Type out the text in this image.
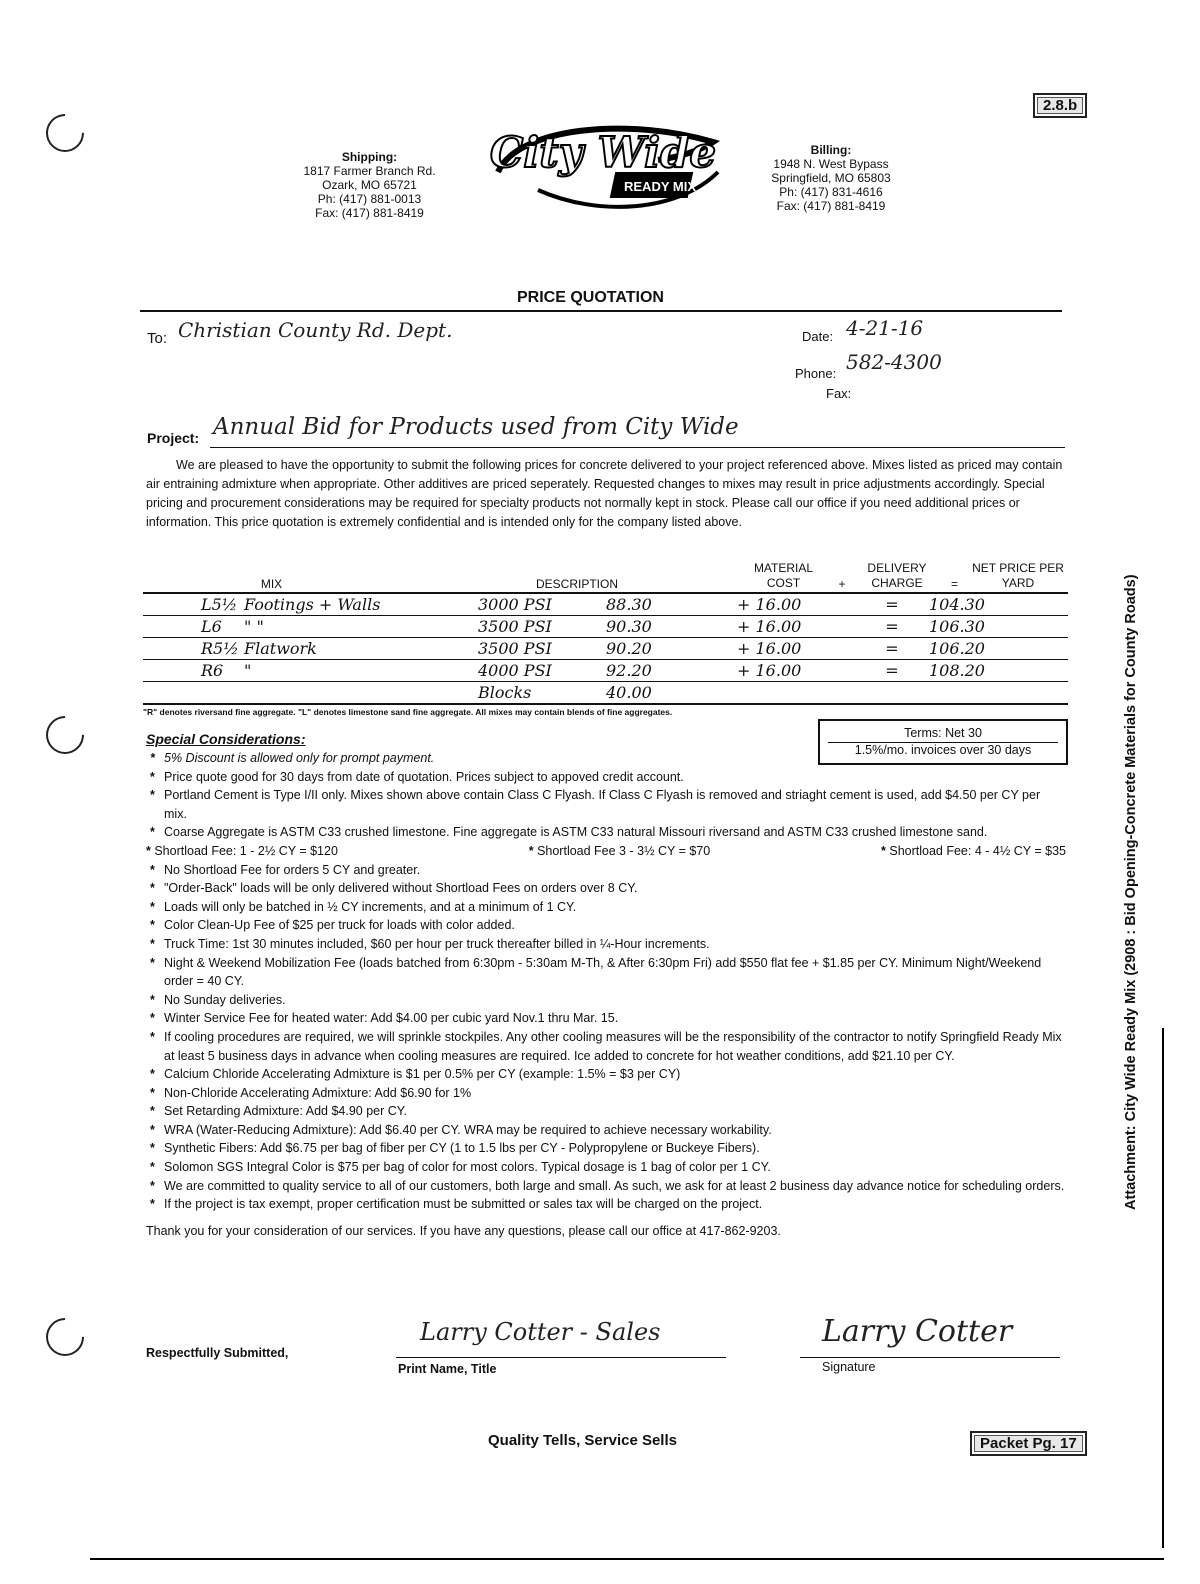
2.8.b
Packet Pg. 17
Shipping:
1817 Farmer Branch Rd.
Ozark, MO 65721
Ph: (417) 881-0013
Fax: (417) 881-8419
City Wide
READY MIX
Billing:
1948 N. West Bypass
Springfield, MO 65803
Ph: (417) 831-4616
Fax: (417) 881-8419
PRICE QUOTATION
To: Christian County Rd. Dept.	Date: 4-21-16
Phone: 582-4300
Fax:
Project: Annual Bid for Products used from City Wide
We are pleased to have the opportunity to submit the following prices for concrete delivered to your project referenced above. Mixes listed as priced may contain air entraining admixture when appropriate. Other additives are priced seperately. Requested changes to mixes may result in price adjustments accordingly. Special pricing and procurement considerations may be required for specialty products not normally kept in stock. Please call our office if you need additional prices or information. This price quotation is extremely confidential and is intended only for the company listed above.
MIX		DESCRIPTION	MATERIAL COST	+	DELIVERY CHARGE	=	NET PRICE PER YARD
L5½	Footings + Walls	3000 PSI	88.30	+ 16.00	=	104.30
L6	" "	3500 PSI	90.30	+ 16.00	=	106.30
R5½	Flatwork	3500 PSI	90.20	+ 16.00	=	106.20
R6	"	4000 PSI	92.20	+ 16.00	=	108.20
		Blocks	40.00			
"R" denotes riversand fine aggregate. "L" denotes limestone sand fine aggregate. All mixes may contain blends of fine aggregates.
Special Considerations:	Terms: Net 30
1.5%/mo. invoices over 30 days
* 5% Discount is allowed only for prompt payment.
* Price quote good for 30 days from date of quotation. Prices subject to appoved credit account.
* Portland Cement is Type I/II only. Mixes shown above contain Class C Flyash. If Class C Flyash is removed and striaght cement is used, add $4.50 per CY per mix.
* Coarse Aggregate is ASTM C33 crushed limestone. Fine aggregate is ASTM C33 natural Missouri riversand and ASTM C33 crushed limestone sand.
* Shortload Fee: 1 - 2½ CY = $120	* Shortload Fee 3 - 3½ CY = $70	* Shortload Fee: 4 - 4½ CY = $35
* No Shortload Fee for orders 5 CY and greater.
* "Order-Back" loads will be only delivered without Shortload Fees on orders over 8 CY.
* Loads will only be batched in ½ CY increments, and at a minimum of 1 CY.
* Color Clean-Up Fee of $25 per truck for loads with color added.
* Truck Time: 1st 30 minutes included, $60 per hour per truck thereafter billed in ¼-Hour increments.
* Night & Weekend Mobilization Fee (loads batched from 6:30pm - 5:30am M-Th, & After 6:30pm Fri) add $550 flat fee + $1.85 per CY. Minimum Night/Weekend order = 40 CY.
* No Sunday deliveries.
* Winter Service Fee for heated water: Add $4.00 per cubic yard Nov.1 thru Mar. 15.
* If cooling procedures are required, we will sprinkle stockpiles. Any other cooling measures will be the responsibility of the contractor to notify Springfield Ready Mix at least 5 business days in advance when cooling measures are required. Ice added to concrete for hot weather conditions, add $21.10 per CY.
* Calcium Chloride Accelerating Admixture is $1 per 0.5% per CY (example: 1.5% = $3 per CY)
* Non-Chloride Accelerating Admixture: Add $6.90 for 1%
* Set Retarding Admixture: Add $4.90 per CY.
* WRA (Water-Reducing Admixture): Add $6.40 per CY. WRA may be required to achieve necessary workability.
* Synthetic Fibers: Add $6.75 per bag of fiber per CY (1 to 1.5 lbs per CY - Polypropylene or Buckeye Fibers).
* Solomon SGS Integral Color is $75 per bag of color for most colors. Typical dosage is 1 bag of color per 1 CY.
* We are committed to quality service to all of our customers, both large and small. As such, we ask for at least 2 business day advance notice for scheduling orders.
* If the project is tax exempt, proper certification must be submitted or sales tax will be charged on the project.
Thank you for your consideration of our services. If you have any questions, please call our office at 417-862-9203.
Respectfully Submitted,
Larry Cotter - Sales
Print Name, Title
Larry Cotter
Signature
Quality Tells, Service Sells
Attachment: City Wide Ready Mix (2908 : Bid Opening-Concrete Materials for County Roads)
